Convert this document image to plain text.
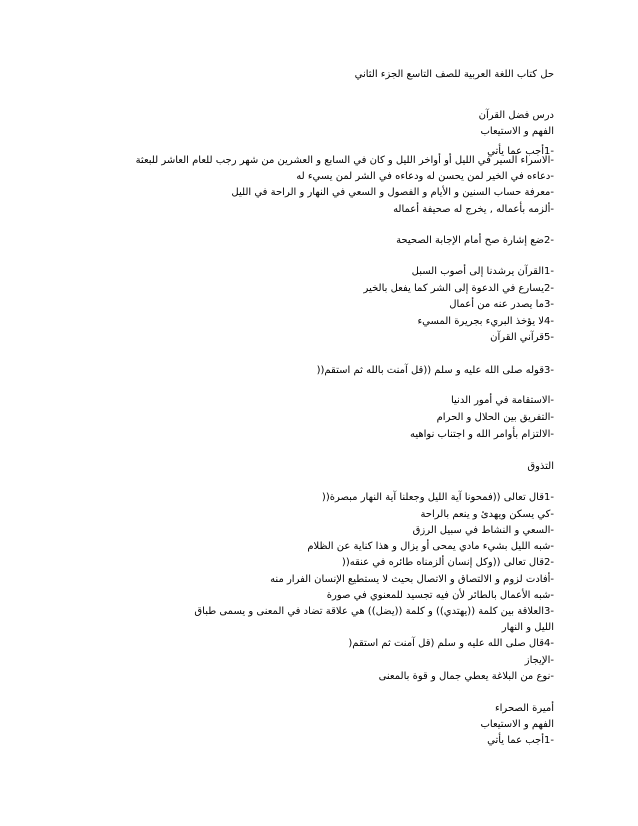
حل كتاب اللغة العربية للصف التاسع الجزء الثاني

درس فضل القرآن

الفهم و الاستيعاب

-1أجب عما يأتي

-الاسراء السير في الليل أو أواخر الليل و كان في السابع و العشرين من شهر رجب للعام العاشر للبعثة

-دعاءه في الخير لمن يحسن له ودعاءه في الشر لمن يسيء له

-معرفة حساب السنين و الأيام و الفصول و السعي في النهار و الراحة في الليل

-ألزمه بأعماله , يخرج له صحيفة أعماله

-2ضع إشارة صح أمام الإجابة الصحيحة

-1القرآن يرشدنا إلى أصوب السبل

-2يسارع في الدعوة إلى الشر كما يفعل بالخير

-3ما يصدر عنه من أعمال

-4لا يؤخذ البريء بجريرة المسيء

-5قرآني القرآن

-3قوله صلى الله عليه و سلم ((قل آمنت بالله ثم استقم((

-الاستقامة في أمور الدنيا

-التفريق بين الحلال و الحرام

-الالتزام بأوامر الله و اجتناب نواهيه

التذوق

-1قال تعالى ((فمحونا آية الليل وجعلنا آية النهار مبصرة((

-كي يسكن ويهدئ و ينعم بالراحة

-السعي و النشاط في سبيل الرزق

-شبه الليل بشيء مادي يمحى أو يزال و هذا كناية عن الظلام

-2قال تعالى ((وكل إنسان ألزمناه طائره في عنقه((

-أفادت لزوم و الالتصاق و الاتصال بحيث لا يستطيع الإنسان الفرار منه

-شبه الأعمال بالطائر لأن فيه تجسيد للمعنوي في صورة

-3العلاقة بين كلمة ((يهتدي)) و كلمة ((يضل)) هي علاقة تضاد في المعنى و يسمى طباق

الليل و النهار

-4قال صلى الله عليه و سلم (قل آمنت ثم استقم(

-الإيجاز

-نوع من البلاغة يعطي جمال و قوة بالمعنى

أميرة الصحراء

الفهم و الاستيعاب

-1أجب عما يأتي
